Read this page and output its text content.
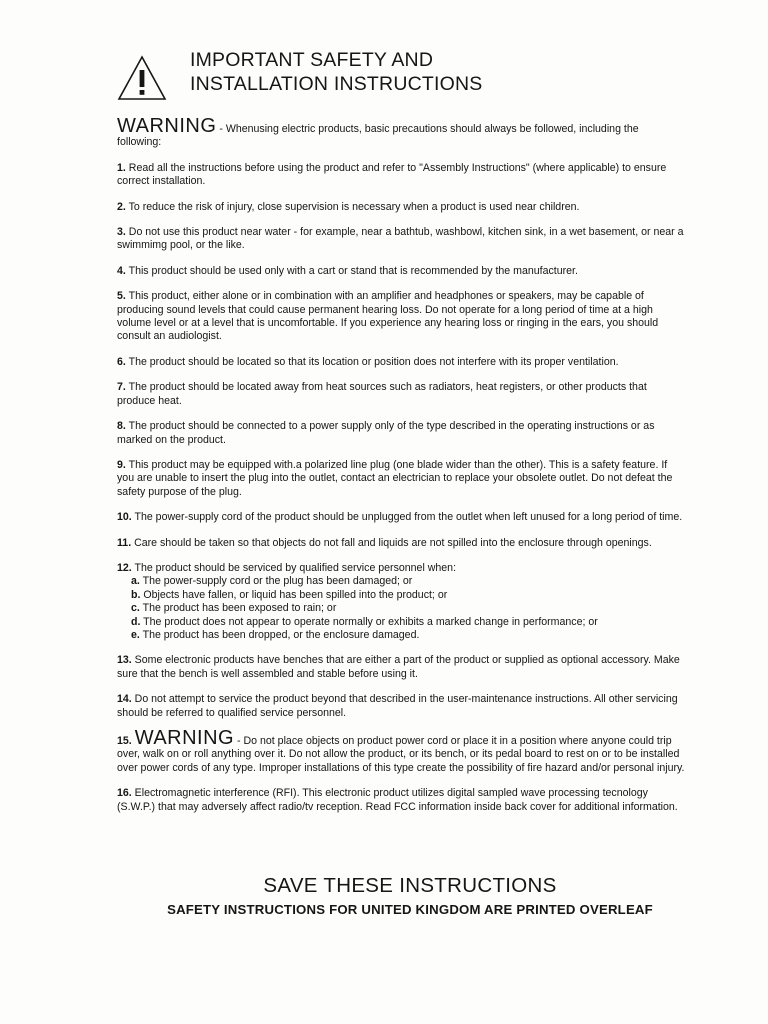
IMPORTANT SAFETY AND
INSTALLATION INSTRUCTIONS

WARNING - Whenusing electric products, basic precautions should always be followed, including the following:

1. Read all the instructions before using the product and refer to "Assembly Instructions" (where applicable) to ensure correct installation.

2. To reduce the risk of injury, close supervision is necessary when a product is used near children.

3. Do not use this product near water - for example, near a bathtub, washbowl, kitchen sink, in a wet basement, or near a swimmimg pool, or the like.

4. This product should be used only with a cart or stand that is recommended by the manufacturer.

5. This product, either alone or in combination with an amplifier and headphones or speakers, may be capable of producing sound levels that could cause permanent hearing loss. Do not operate for a long period of time at a high volume level or at a level that is uncomfortable. If you experience any hearing loss or ringing in the ears, you should consult an audiologist.

6. The product should be located so that its location or position does not interfere with its proper ventilation.

7. The product should be located away from heat sources such as radiators, heat registers, or other products that produce heat.

8. The product should be connected to a power supply only of the type described in the operating instructions or as marked on the product.

9. This product may be equipped with.a polarized line plug (one blade wider than the other). This is a safety feature. If you are unable to insert the plug into the outlet, contact an electrician to replace your obsolete outlet. Do not defeat the safety purpose of the plug.

10. The power-supply cord of the product should be unplugged from the outlet when left unused for a long period of time.

11. Care should be taken so that objects do not fall and liquids are not spilled into the enclosure through openings.

12. The product should be serviced by qualified service personnel when:

a. The power-supply cord or the plug has been damaged; or
b. Objects have fallen, or liquid has been spilled into the product; or
c. The product has been exposed to rain; or
d. The product does not appear to operate normally or exhibits a marked change in performance; or
e. The product has been dropped, or the enclosure damaged.

13. Some electronic products have benches that are either a part of the product or supplied as optional accessory. Make sure that the bench is well assembled and stable before using it.

14. Do not attempt to service the product beyond that described in the user-maintenance instructions. All other servicing should be referred to qualified service personnel.

15. WARNING - Do not place objects on product power cord or place it in a position where anyone could trip over, walk on or roll anything over it. Do not allow the product, or its bench, or its pedal board to rest on or to be installed over power cords of any type. Improper installations of this type create the possibility of fire hazard and/or personal injury.

16. Electromagnetic interference (RFI). This electronic product utilizes digital sampled wave processing tecnology (S.W.P.) that may adversely affect radio/tv reception. Read FCC information inside back cover for additional information.

SAVE THESE INSTRUCTIONS

SAFETY INSTRUCTIONS FOR UNITED KINGDOM ARE PRINTED OVERLEAF
